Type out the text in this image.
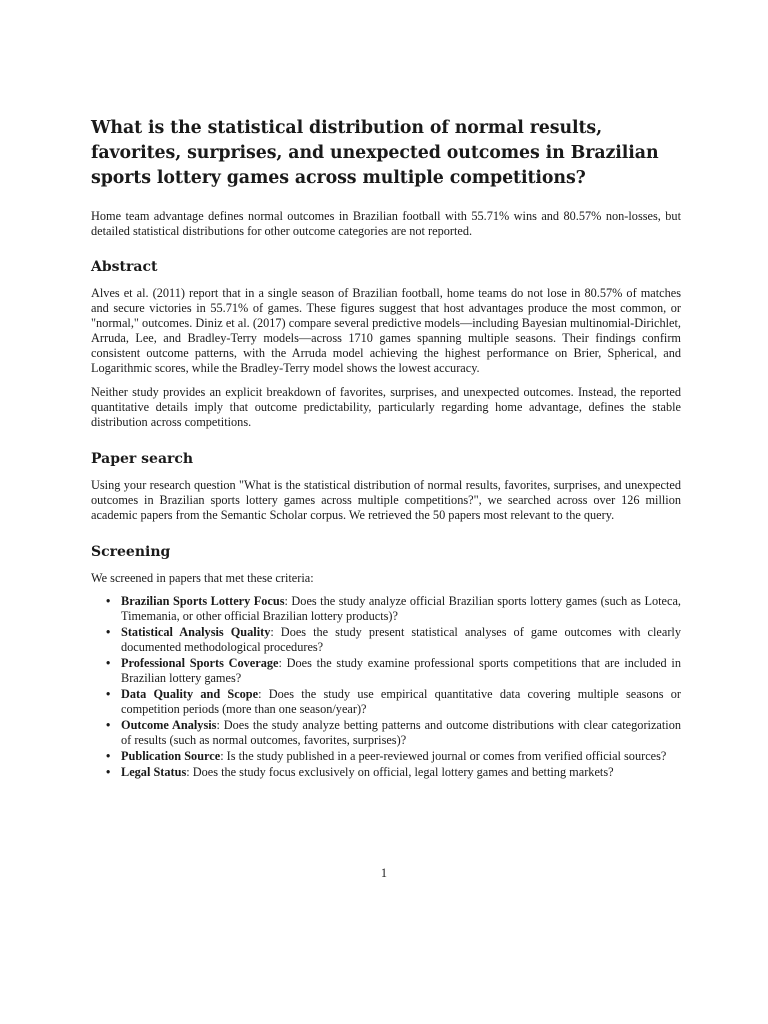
What is the statistical distribution of normal results, favorites, surprises, and unexpected outcomes in Brazilian sports lottery games across multiple competitions?

Home team advantage defines normal outcomes in Brazilian football with 55.71% wins and 80.57% non-losses, but detailed statistical distributions for other outcome categories are not reported.

Abstract

Alves et al. (2011) report that in a single season of Brazilian football, home teams do not lose in 80.57% of matches and secure victories in 55.71% of games. These figures suggest that host advantages produce the most common, or "normal," outcomes. Diniz et al. (2017) compare several predictive models—including Bayesian multinomial-Dirichlet, Arruda, Lee, and Bradley-Terry models—across 1710 games spanning multiple seasons. Their findings confirm consistent outcome patterns, with the Arruda model achieving the highest performance on Brier, Spherical, and Logarithmic scores, while the Bradley-Terry model shows the lowest accuracy.

Neither study provides an explicit breakdown of favorites, surprises, and unexpected outcomes. Instead, the reported quantitative details imply that outcome predictability, particularly regarding home advantage, defines the stable distribution across competitions.

Paper search

Using your research question "What is the statistical distribution of normal results, favorites, surprises, and unexpected outcomes in Brazilian sports lottery games across multiple competitions?", we searched across over 126 million academic papers from the Semantic Scholar corpus. We retrieved the 50 papers most relevant to the query.

Screening

We screened in papers that met these criteria:

• Brazilian Sports Lottery Focus: Does the study analyze official Brazilian sports lottery games (such as Loteca, Timemania, or other official Brazilian lottery products)?
• Statistical Analysis Quality: Does the study present statistical analyses of game outcomes with clearly documented methodological procedures?
• Professional Sports Coverage: Does the study examine professional sports competitions that are included in Brazilian lottery games?
• Data Quality and Scope: Does the study use empirical quantitative data covering multiple seasons or competition periods (more than one season/year)?
• Outcome Analysis: Does the study analyze betting patterns and outcome distributions with clear categorization of results (such as normal outcomes, favorites, surprises)?
• Publication Source: Is the study published in a peer-reviewed journal or comes from verified official sources?
• Legal Status: Does the study focus exclusively on official, legal lottery games and betting markets?
1
